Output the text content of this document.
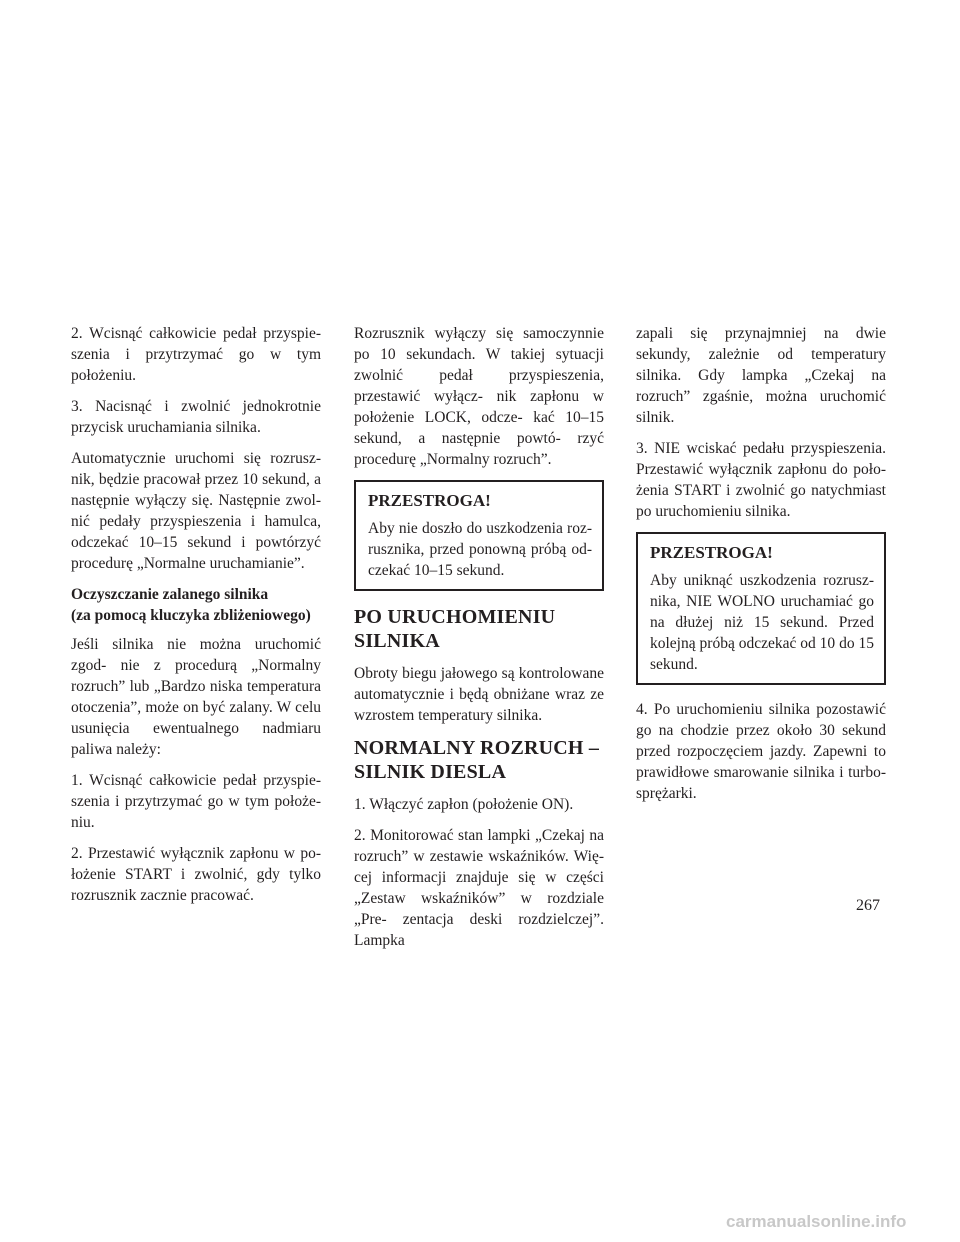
2. Wcisnąć całkowicie pedał przyspie- szenia i przytrzymać go w tym położeniu.

3. Nacisnąć i zwolnić jednokrotnie przycisk uruchamiania silnika.

Automatycznie uruchomi się rozrusz- nik, będzie pracował przez 10 sekund, a następnie wyłączy się. Następnie zwol- nić pedały przyspieszenia i hamulca, odczekać 10–15 sekund i powtórzyć procedurę „Normalne uruchamianie”.

Oczyszczanie zalanego silnika
(za pomocą kluczyka zbliżeniowego)

Jeśli silnika nie można uruchomić zgod- nie z procedurą „Normalny rozruch” lub „Bardzo niska temperatura otoczenia”, może on być zalany. W celu usunięcia ewentualnego nadmiaru paliwa należy:

1. Wcisnąć całkowicie pedał przyspie- szenia i przytrzymać go w tym położe- niu.

2. Przestawić wyłącznik zapłonu w po- łożenie START i zwolnić, gdy tylko rozrusznik zacznie pracować.

Rozrusznik wyłączy się samoczynnie po 10 sekundach. W takiej sytuacji zwolnić pedał przyspieszenia, przestawić wyłącz- nik zapłonu w położenie LOCK, odcze- kać 10–15 sekund, a następnie powtó- rzyć procedurę „Normalny rozruch”.

PRZESTROGA!

Aby nie doszło do uszkodzenia roz- rusznika, przed ponowną próbą od- czekać 10–15 sekund.

PO URUCHOMIENIU SILNIKA

Obroty biegu jałowego są kontrolowane automatycznie i będą obniżane wraz ze wzrostem temperatury silnika.

NORMALNY ROZRUCH – SILNIK DIESLA

1. Włączyć zapłon (położenie ON).

2. Monitorować stan lampki „Czekaj na rozruch” w zestawie wskaźników. Wię- cej informacji znajduje się w części „Zestaw wskaźników” w rozdziale „Pre- zentacja deski rozdzielczej”. Lampka

zapali się przynajmniej na dwie sekundy, zależnie od temperatury silnika. Gdy lampka „Czekaj na rozruch” zgaśnie, można uruchomić silnik.

3. NIE wciskać pedału przyspieszenia. Przestawić wyłącznik zapłonu do poło- żenia START i zwolnić go natychmiast po uruchomieniu silnika.

PRZESTROGA!

Aby uniknąć uszkodzenia rozrusz- nika, NIE WOLNO uruchamiać go na dłużej niż 15 sekund. Przed kolejną próbą odczekać od 10 do 15 sekund.

4. Po uruchomieniu silnika pozostawić go na chodzie przez około 30 sekund przed rozpoczęciem jazdy. Zapewni to prawidłowe smarowanie silnika i turbo- sprężarki.

267
carmanualsonline.info
